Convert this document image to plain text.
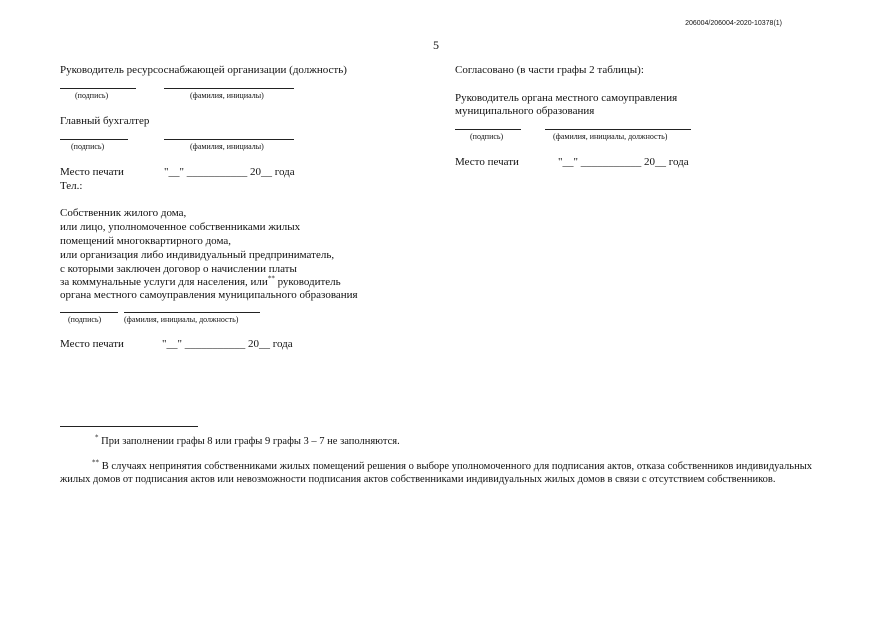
206004/206004-2020-10378(1)
5
Руководитель ресурсоснабжающей организации (должность)
(подпись)	(фамилия, инициалы)
Главный бухгалтер
(подпись)	(фамилия, инициалы)
Место печати	"__" ___________ 20__ года
Тел.:
Собственник жилого дома,
или лицо, уполномоченное собственниками жилых
помещений многоквартирного дома,
или организация либо индивидуальный предприниматель,
с которыми заключен договор о начислении платы
за коммунальные услуги для населения, или** руководитель
органа местного самоуправления муниципального образования
(подпись)	(фамилия, инициалы, должность)
Место печати	"__" ___________ 20__ года
Согласовано (в части графы 2 таблицы):
Руководитель органа местного самоуправления
муниципального образования
(подпись)	(фамилия, инициалы, должность)
Место печати	"__" ___________ 20__ года
* При заполнении графы 8 или графы 9 графы 3 – 7 не заполняются.
** В случаях непринятия собственниками жилых помещений решения о выборе уполномоченного для подписания актов, отказа собственников индивидуальных жилых домов от подписания актов или невозможности подписания актов собственниками индивидуальных жилых домов в связи с отсутствием собственников.
